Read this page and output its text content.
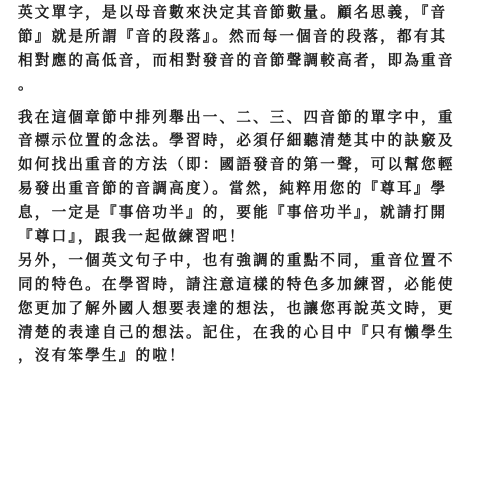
英文單字，是以母音數來決定其音節數量。顧名思義，『音
節』就是所謂『音的段落』。然而每一個音的段落，都有其
相對應的高低音，而相對發音的音節聲調較高者，即為重音
。
我在這個章節中排列舉出一、二、三、四音節的單字中，重
音標示位置的念法。學習時，必須仔細聽清楚其中的訣竅及
如何找出重音的方法（即：國語發音的第一聲，可以幫您輕
易發出重音節的音調高度）。當然，純粹用您的『尊耳』學
息，一定是『事倍功半』的，要能『事倍功半』，就請打開
『尊口』，跟我一起做練習吧！
另外，一個英文句子中，也有強調的重點不同，重音位置不
同的特色。在學習時，請注意這樣的特色多加練習，必能使
您更加了解外國人想要表達的想法，也讓您再說英文時，更
清楚的表達自己的想法。記住，在我的心目中『只有懶學生
，沒有笨學生』的啦！
